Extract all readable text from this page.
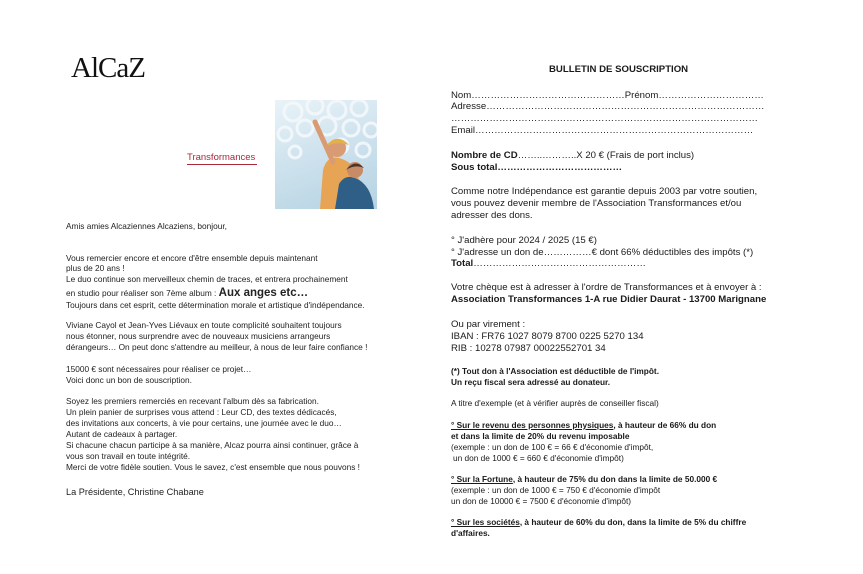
AlCaZ
Transformances
Amis amies Alcaziennes Alcaziens, bonjour,
Vous remercier encore et encore d'être ensemble depuis maintenant
plus de 20 ans !
Le duo continue son merveilleux chemin de traces, et entrera prochainement
en studio pour réaliser son 7ème album : Aux anges etc…
Toujours dans cet esprit, cette détermination morale et artistique d'indépendance.
Viviane Cayol et Jean-Yves Liévaux en toute complicité souhaitent toujours
nous étonner, nous surprendre avec de nouveaux musiciens arrangeurs
dérangeurs… On peut donc s'attendre au meilleur, à nous de leur faire confiance !
15000 € sont nécessaires pour réaliser ce projet…
Voici donc un bon de souscription.
Soyez les premiers remerciés en recevant l'album dès sa fabrication.
Un plein panier de surprises vous attend : Leur CD, des textes dédicacés,
des invitations aux concerts, à vie pour certains, une journée avec le duo…
Autant de cadeaux à partager.
Si chacune chacun participe à sa manière, Alcaz pourra ainsi continuer, grâce à
vous son travail en toute intégrité.
Merci de votre fidèle soutien. Vous le savez, c'est ensemble que nous pouvons !
La Présidente, Christine Chabane
BULLETIN DE SOUSCRIPTION
Nom…………………………………………Prénom……………………………
Adresse……………………………………………………………………………
……………………………………………………………………………………
Email……………………………………………………………………………
Nombre de CD……..………..X 20 € (Frais de port inclus)
Sous total…………………………………
Comme notre Indépendance est garantie depuis 2003 par votre soutien,
vous pouvez devenir membre de l'Association Transformances et/ou
adresser des dons.
° J'adhère pour 2024 / 2025 (15 €)
° J'adresse un don de……………€ dont 66% déductibles des impôts (*)
Total………………………………………………
Votre chèque est à adresser à l'ordre de Transformances et à envoyer à :
Association Transformances 1-A rue Didier Daurat - 13700 Marignane
Ou par virement :
IBAN : FR76 1027 8079 8700 0225 5270 134
RIB : 10278 07987 00022552701 34
(*) Tout don à l'Association est déductible de l'impôt.
Un reçu fiscal sera adressé au donateur.
A titre d'exemple (et à vérifier auprès de conseiller fiscal)
° Sur le revenu des personnes physiques, à hauteur de 66% du don
et dans la limite de 20% du revenu imposable
(exemple : un don de 100 € = 66 € d'économie d'impôt,
un don de 1000 € = 660 € d'économie d'impôt)
° Sur la Fortune, à hauteur de 75% du don dans la limite de 50.000 €
(exemple : un don de 1000 € = 750 € d'économie d'impôt
un don de 10000 € = 7500 € d'économie d'impôt)
° Sur les sociétés, à hauteur de 60% du don, dans la limite de 5% du chiffre
d'affaires.
